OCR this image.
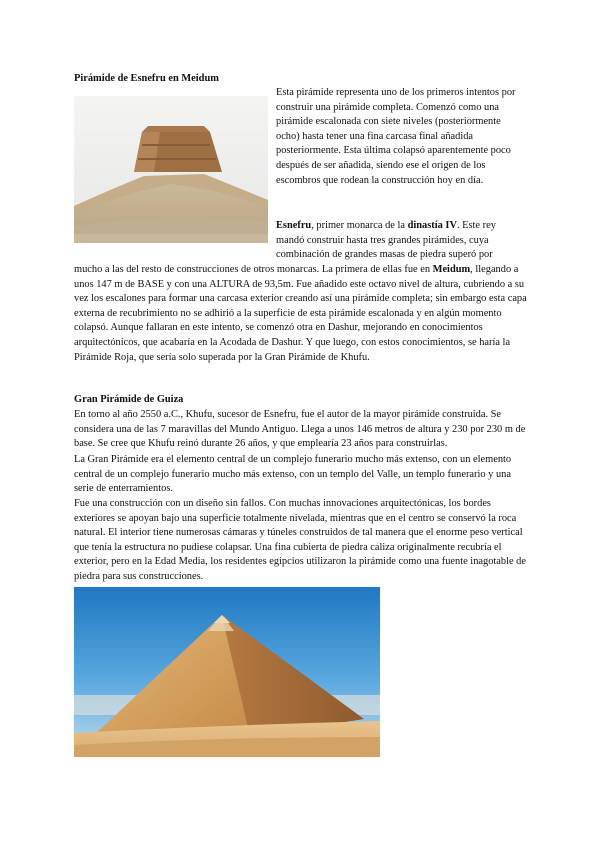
Pirámide de Esnefru en Meidum

Esta pirámide representa uno de los primeros intentos por construir una pirámide completa. Comenzó como una pirámide escalonada con siete niveles (posteriormente ocho) hasta tener una fina carcasa final añadida posteriormente. Esta última colapsó aparentemente poco después de ser añadida, siendo ese el origen de los escombros que rodean la construcción hoy en día.

Esnefru, primer monarca de la dinastía IV. Este rey mandó construir hasta tres grandes pirámides, cuya combinación de grandes masas de piedra superó por

mucho a las del resto de construcciones de otros monarcas. La primera de ellas fue en Meidum, llegando a unos 147 m de BASE y con una ALTURA de 93,5m. Fue añadido este octavo nivel de altura, cubriendo a su vez los escalones para formar una carcasa exterior creando así una pirámide completa; sin embargo esta capa externa de recubrimiento no se adhirió a la superficie de esta pirámide escalonada y en algún momento colapsó. Aunque fallaran en este intento, se comenzó otra en Dashur, mejorando en conocimientos arquitectónicos, que acabaría en la Acodada de Dashur. Y que luego, con estos conocimientos, se haría la Pirámide Roja, que sería solo superada por la Gran Pirámide de Khufu.

Gran Pirámide de Guiza

En torno al año 2550 a.C., Khufu, sucesor de Esnefru, fue el autor de la mayor pirámide construida. Se considera una de las 7 maravillas del Mundo Antiguo. Llega a unos 146 metros de altura y 230 por 230 m de base. Se cree que Khufu reinó durante 26 años, y que emplearía 23 años para construirlas.

La Gran Pirámide era el elemento central de un complejo funerario mucho más extenso, con un elemento central de un complejo funerario mucho más extenso, con un templo del Valle, un templo funerario y una serie de enterramientos.

Fue una construcción con un diseño sin fallos. Con muchas innovaciones arquitectónicas, los bordes exteriores se apoyan bajo una superficie totalmente nivelada, mientras que en el centro se conservó la roca natural. El interior tiene numerosas cámaras y túneles construidos de tal manera que el enorme peso vertical que tenía la estructura no pudiese colapsar. Una fina cubierta de piedra caliza originalmente recubría el exterior, pero en la Edad Media, los residentes egipcios utilizaron la pirámide como una fuente inagotable de piedra para sus construcciones.
